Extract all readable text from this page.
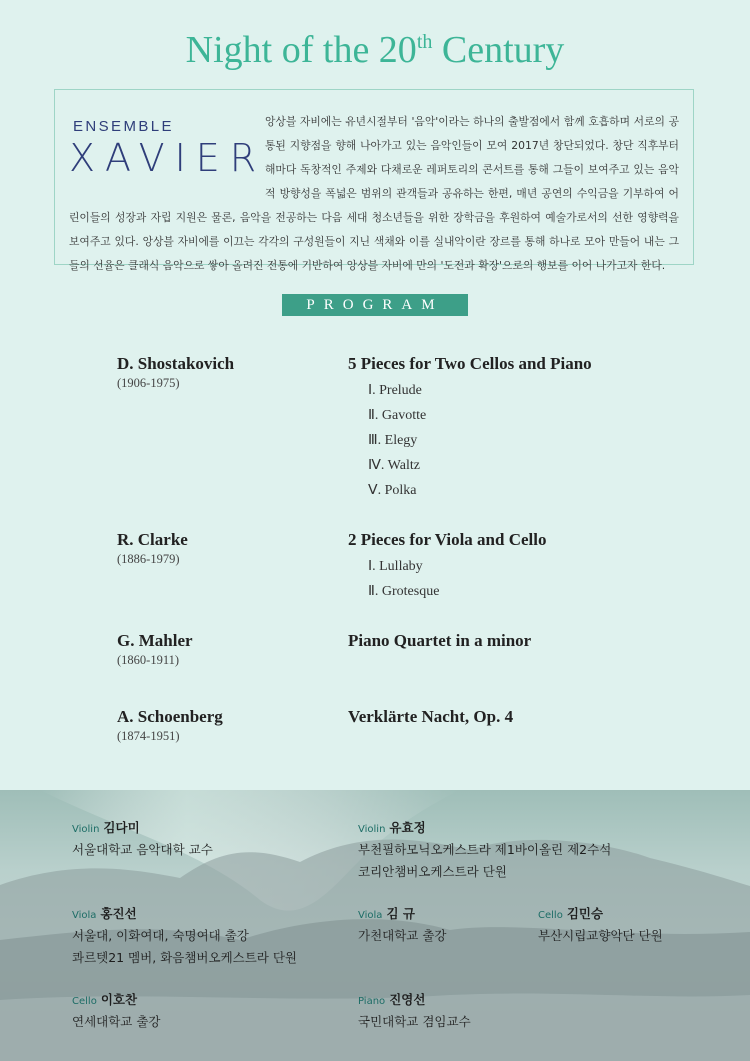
Night of the 20th Century
ENSEMBLE
XAVIER
앙상블 자비에는 유년시절부터 '음악'이라는 하나의 출발점에서 함께 호흡하며 서로의 공통된 지향점을 향해 나아가고 있는 음악인들이 모여 2017년 창단되었다. 창단 직후부터 해마다 독창적인 주제와 다채로운 레퍼토리의 콘서트를 통해 그들이 보여주고 있는 음악적 방향성을 폭넓은 범위의 관객들과 공유하는 한편, 매년 공연의 수익금을 기부하여 어린이들의 성장과 자립 지원은 물론, 음악을 전공하는 다음 세대 청소년들을 위한 장학금을 후원하여 예술가로서의 선한 영향력을 보여주고 있다. 앙상블 자비에를 이끄는 각각의 구성원들이 지닌 색채와 이를 실내악이란 장르를 통해 하나로 모아 만들어 내는 그들의 선율은 클래식 음악으로 쌓아 올려진 전통에 기반하여 앙상블 자비에 만의 '도전과 확장'으로의 행보를 이어 나가고자 한다.
PROGRAM
D. Shostakovich
(1906-1975)
5 Pieces for Two Cellos and Piano
Ⅰ. Prelude
Ⅱ. Gavotte
Ⅲ. Elegy
Ⅳ. Waltz
Ⅴ. Polka
R. Clarke
(1886-1979)
2 Pieces for Viola and Cello
Ⅰ. Lullaby
Ⅱ. Grotesque
G. Mahler
(1860-1911)
Piano Quartet in a minor
A. Schoenberg
(1874-1951)
Verklärte Nacht, Op. 4
Violin 김다미
서울대학교 음악대학 교수
Violin 유효정
부천필하모닉오케스트라 제1바이올린 제2수석
코리안챔버오케스트라 단원
Viola 홍진선
서울대, 이화여대, 숙명여대 출강
콰르텟21 멤버, 화음챔버오케스트라 단원
Viola 김 규
가천대학교 출강
Cello 김민승
부산시립교향악단 단원
Cello 이호찬
연세대학교 출강
Piano 진영선
국민대학교 겸임교수
